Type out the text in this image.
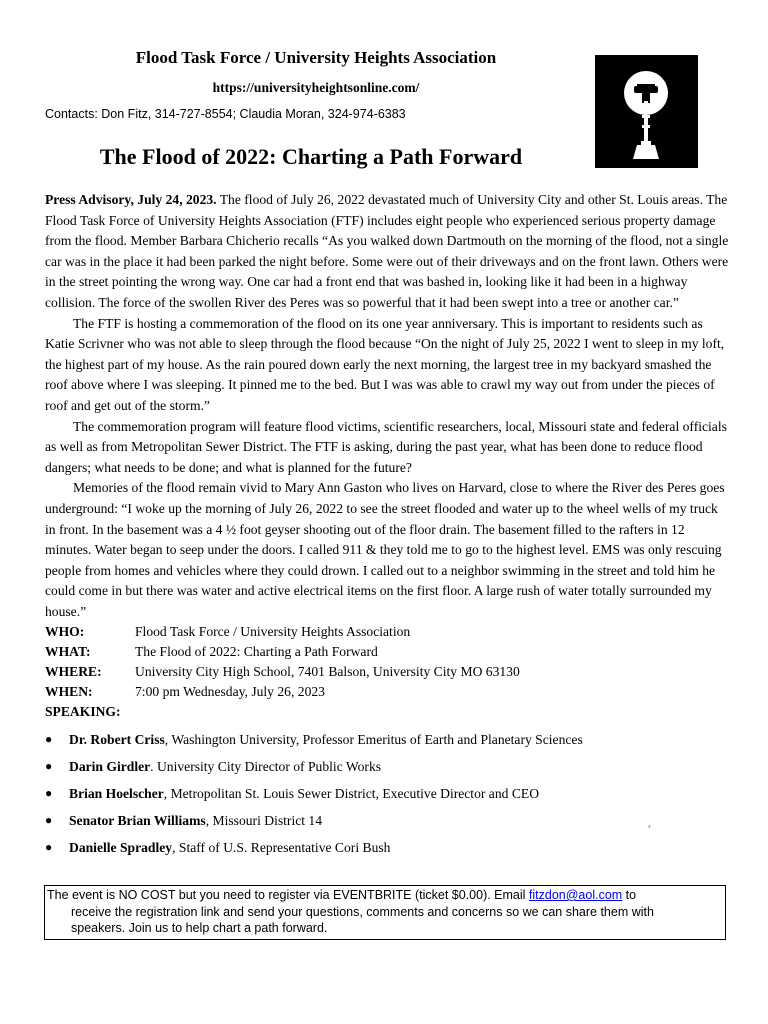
Flood Task Force / University Heights Association
https://universityheightsonline.com/
Contacts: Don Fitz, 314-727-8554; Claudia Moran, 324-974-6383
The Flood of 2022: Charting a Path Forward

Press Advisory, July 24, 2023. The flood of July 26, 2022 devastated much of University City and other St. Louis areas. The Flood Task Force of University Heights Association (FTF) includes eight people who experienced serious property damage from the flood. Member Barbara Chicherio recalls “As you walked down Dartmouth on the morning of the flood, not a single car was in the place it had been parked the night before. Some were out of their driveways and on the front lawn. Others were in the street pointing the wrong way. One car had a front end that was bashed in, looking like it had been in a highway collision. The force of the swollen River des Peres was so powerful that it had been swept into a tree or another car.”

The FTF is hosting a commemoration of the flood on its one year anniversary. This is important to residents such as Katie Scrivner who was not able to sleep through the flood because “On the night of July 25, 2022 I went to sleep in my loft, the highest part of my house. As the rain poured down early the next morning, the largest tree in my backyard smashed the roof above where I was sleeping. It pinned me to the bed. But I was was able to crawl my way out from under the pieces of roof and get out of the storm.”

The commemoration program will feature flood victims, scientific researchers, local, Missouri state and federal officials as well as from Metropolitan Sewer District. The FTF is asking, during the past year, what has been done to reduce flood dangers; what needs to be done; and what is planned for the future?

Memories of the flood remain vivid to Mary Ann Gaston who lives on Harvard, close to where the River des Peres goes underground: “I woke up the morning of July 26, 2022 to see the street flooded and water up to the wheel wells of my truck in front. In the basement was a 4 ½ foot geyser shooting out of the floor drain. The basement filled to the rafters in 12 minutes. Water began to seep under the doors. I called 911 & they told me to go to the highest level. EMS was only rescuing people from homes and vehicles where they could drown. I called out to a neighbor swimming in the street and told him he could come in but there was water and active electrical items on the first floor. A large rush of water totally surrounded my house.”

WHO:	Flood Task Force / University Heights Association
WHAT:	The Flood of 2022: Charting a Path Forward
WHERE:	University City High School, 7401 Balson, University City MO 63130
WHEN:	7:00 pm Wednesday, July 26, 2023
SPEAKING:
●	Dr. Robert Criss, Washington University, Professor Emeritus of Earth and Planetary Sciences
●	Darin Girdler. University City Director of Public Works
●	Brian Hoelscher, Metropolitan St. Louis Sewer District, Executive Director and CEO
●	Senator Brian Williams, Missouri District 14
●	Danielle Spradley, Staff of U.S. Representative Cori Bush
▪
The event is NO COST but you need to register via EVENTBRITE (ticket $0.00). Email fitzdon@aol.com to
receive the registration link and send your questions, comments and concerns so we can share them with
speakers. Join us to help chart a path forward.
